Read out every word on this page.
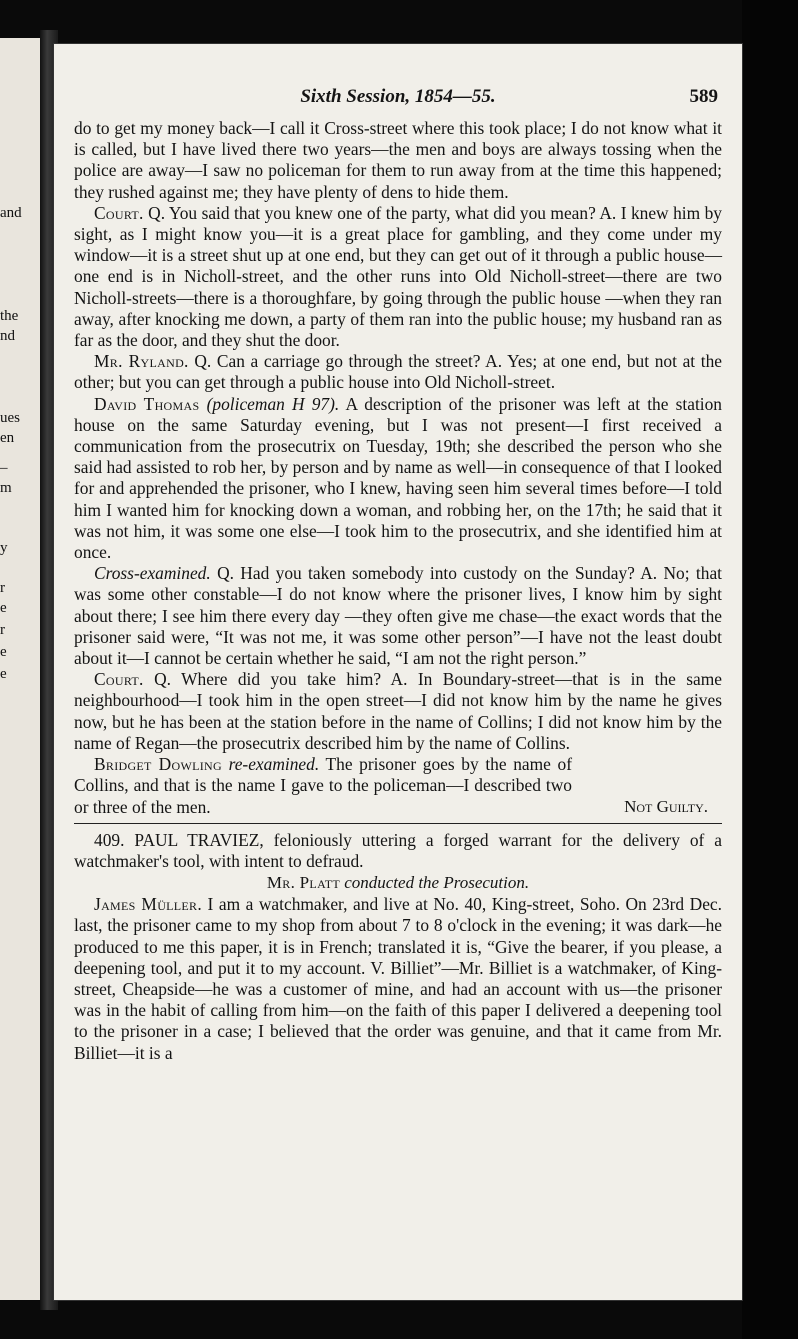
and
the
nd
ues
en
_
m
y
r
e
r
e
e
Sixth Session, 1854—55.	589

do to get my money back—I call it Cross-street where this took place; I do not know what it is called, but I have lived there two years—the men and boys are always tossing when the police are away—I saw no policeman for them to run away from at the time this happened; they rushed against me; they have plenty of dens to hide them.

Court. Q. You said that you knew one of the party, what did you mean? A. I knew him by sight, as I might know you—it is a great place for gambling, and they come under my window—it is a street shut up at one end, but they can get out of it through a public house—one end is in Nicholl-street, and the other runs into Old Nicholl-street—there are two Nicholl-streets—there is a thoroughfare, by going through the public house —when they ran away, after knocking me down, a party of them ran into the public house; my husband ran as far as the door, and they shut the door.

Mr. Ryland. Q. Can a carriage go through the street? A. Yes; at one end, but not at the other; but you can get through a public house into Old Nicholl-street.

David Thomas (policeman H 97). A description of the prisoner was left at the station house on the same Saturday evening, but I was not present—I first received a communication from the prosecutrix on Tuesday, 19th; she described the person who she said had assisted to rob her, by person and by name as well—in consequence of that I looked for and apprehended the prisoner, who I knew, having seen him several times before—I told him I wanted him for knocking down a woman, and robbing her, on the 17th; he said that it was not him, it was some one else—I took him to the prosecutrix, and she identified him at once.

Cross-examined. Q. Had you taken somebody into custody on the Sunday? A. No; that was some other constable—I do not know where the prisoner lives, I know him by sight about there; I see him there every day —they often give me chase—the exact words that the prisoner said were, “It was not me, it was some other person”—I have not the least doubt about it—I cannot be certain whether he said, “I am not the right person.”

Court. Q. Where did you take him? A. In Boundary-street—that is in the same neighbourhood—I took him in the open street—I did not know him by the name he gives now, but he has been at the station before in the name of Collins; I did not know him by the name of Regan—the prosecutrix described him by the name of Collins.

Bridget Dowling re-examined. The prisoner goes by the name of Collins, and that is the name I gave to the policeman—I described two or three of the men.	Not Guilty.

409. PAUL TRAVIEZ, feloniously uttering a forged warrant for the delivery of a watchmaker's tool, with intent to defraud.

Mr. Platt conducted the Prosecution.

James Müller. I am a watchmaker, and live at No. 40, King-street, Soho. On 23rd Dec. last, the prisoner came to my shop from about 7 to 8 o'clock in the evening; it was dark—he produced to me this paper, it is in French; translated it is, “Give the bearer, if you please, a deepening tool, and put it to my account. V. Billiet”—Mr. Billiet is a watchmaker, of King-street, Cheapside—he was a customer of mine, and had an account with us—the prisoner was in the habit of calling from him—on the faith of this paper I delivered a deepening tool to the prisoner in a case; I believed that the order was genuine, and that it came from Mr. Billiet—it is a
